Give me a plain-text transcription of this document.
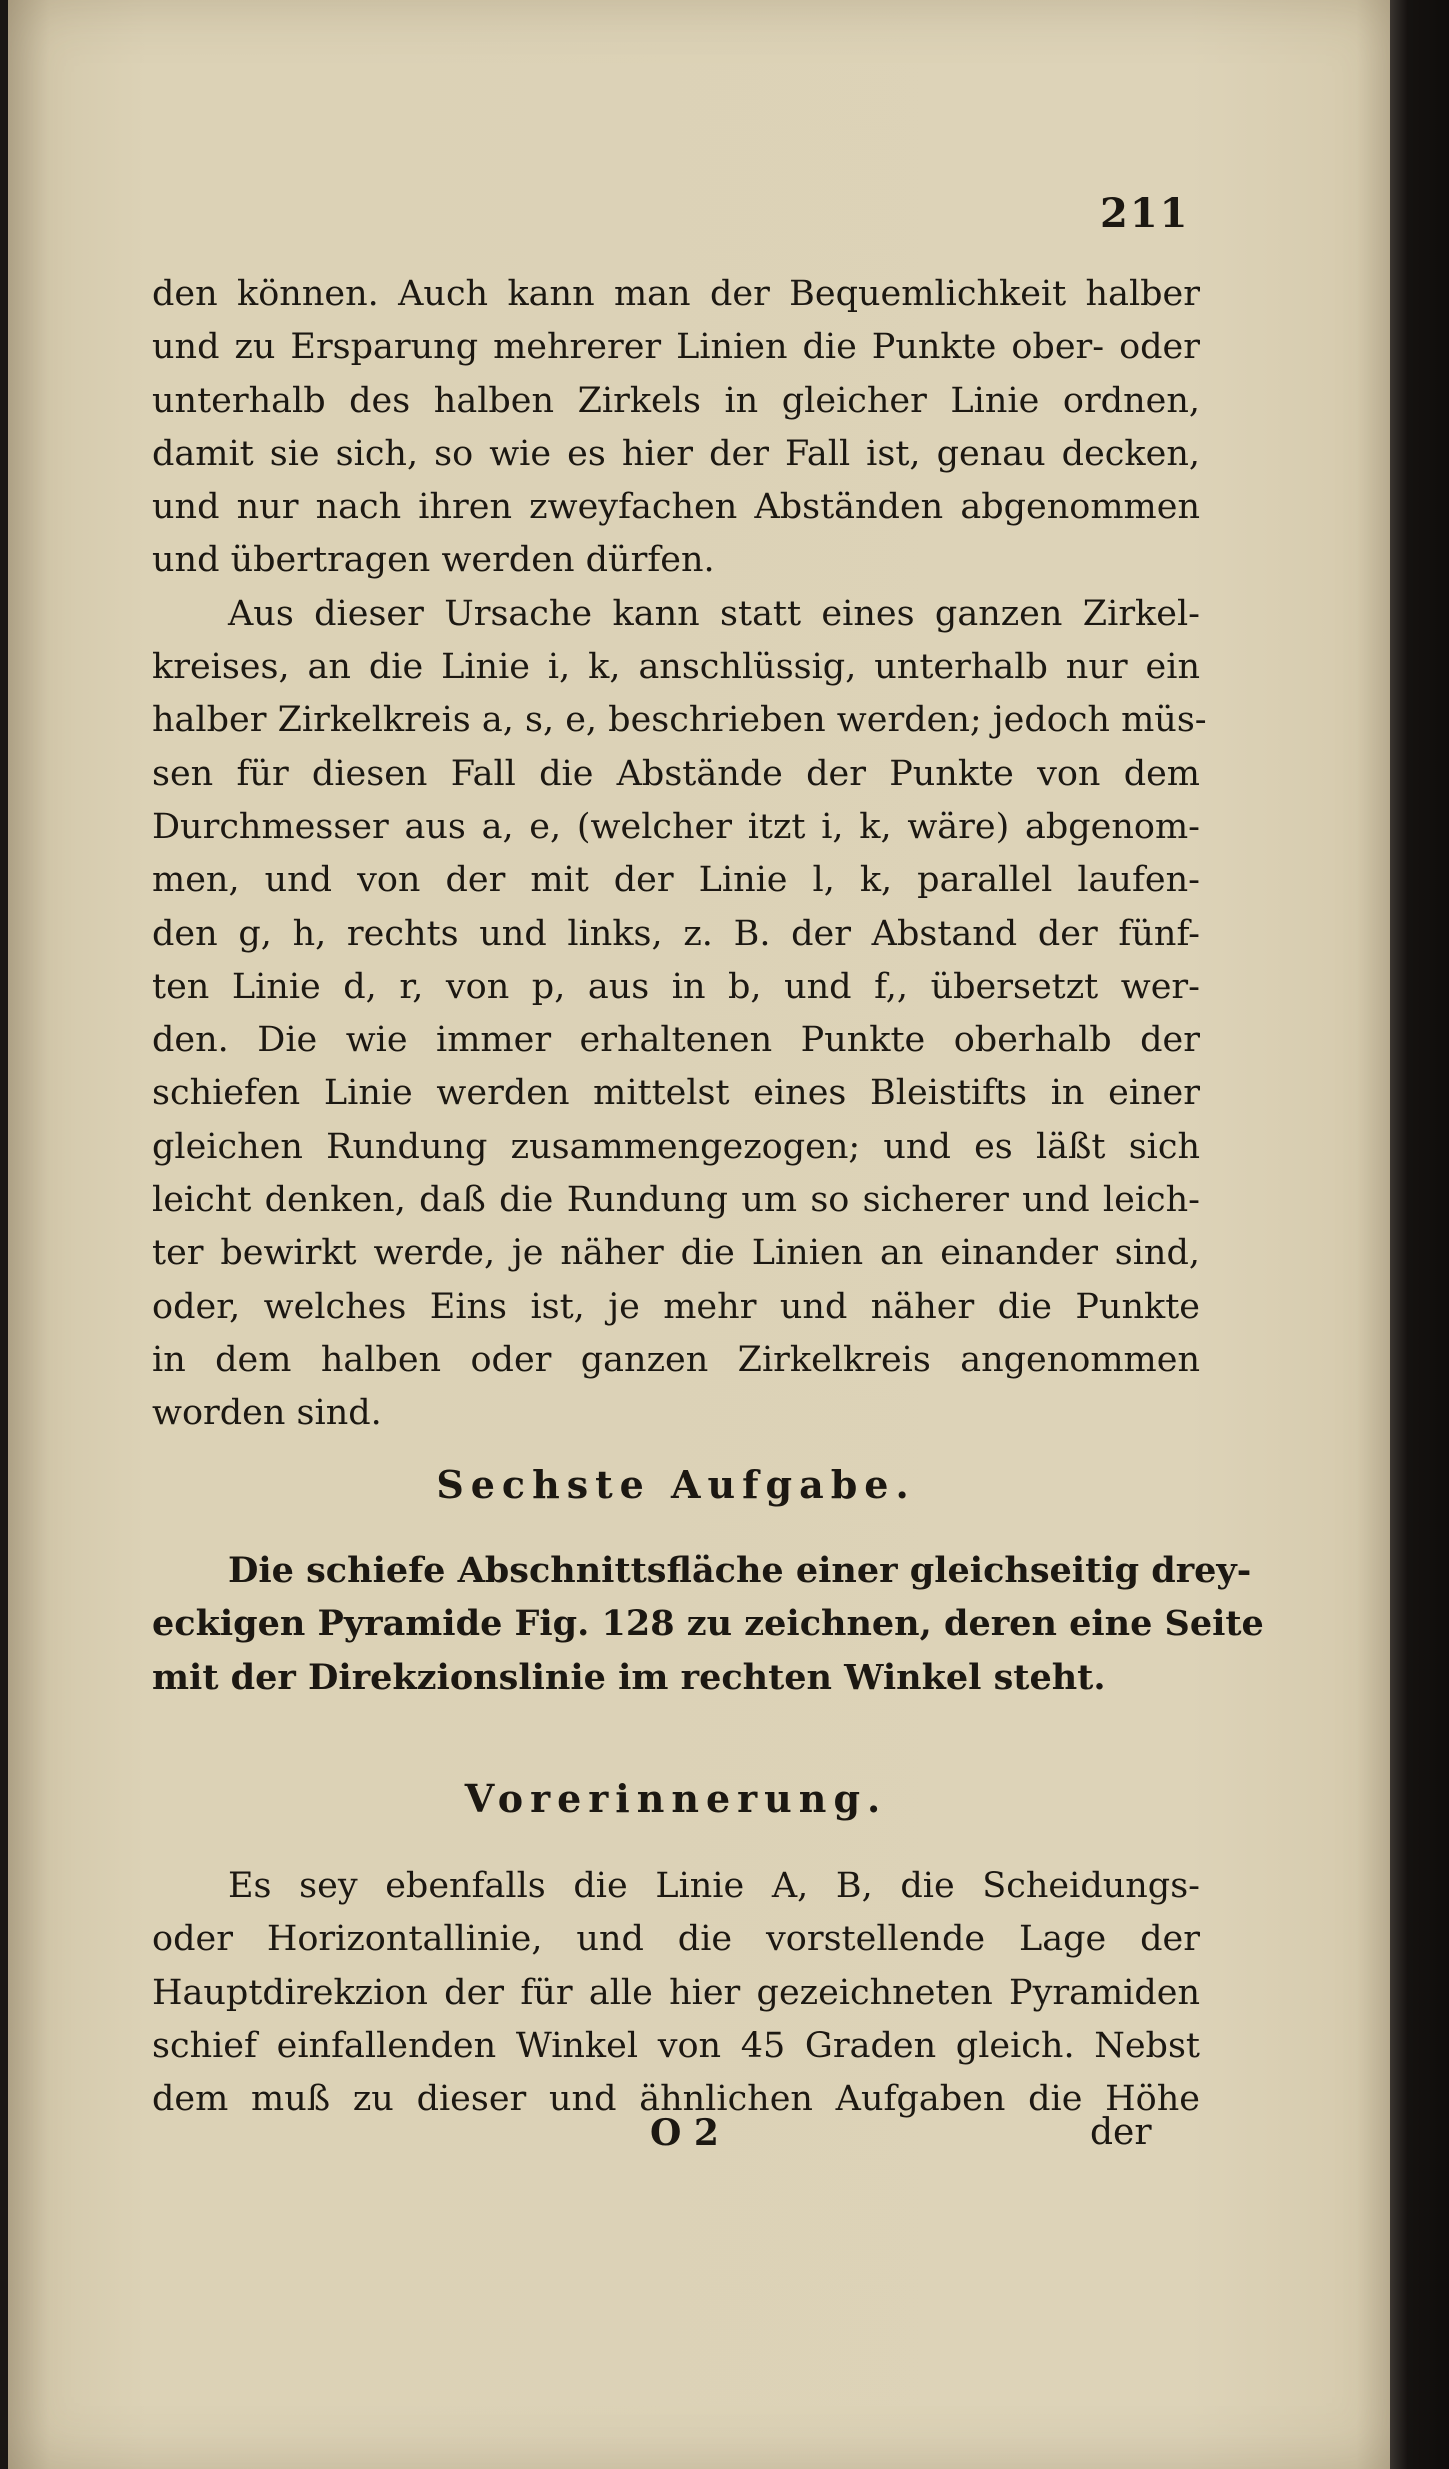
211
den können. Auch kann man der Bequemlichkeit halber
und zu Ersparung mehrerer Linien die Punkte ober- oder
unterhalb des halben Zirkels in gleicher Linie ordnen,
damit sie sich, so wie es hier der Fall ist, genau decken,
und nur nach ihren zweyfachen Abständen abgenommen
und übertragen werden dürfen.
Aus dieser Ursache kann statt eines ganzen Zirkel-
kreises, an die Linie i, k, anschlüssig, unterhalb nur ein
halber Zirkelkreis a, s, e, beschrieben werden; jedoch müs-
sen für diesen Fall die Abstände der Punkte von dem
Durchmesser aus a, e, (welcher itzt i, k, wäre) abgenom-
men, und von der mit der Linie l, k, parallel laufen-
den g, h, rechts und links, z. B. der Abstand der fünf-
ten Linie d, r, von p, aus in b, und f,, übersetzt wer-
den. Die wie immer erhaltenen Punkte oberhalb der
schiefen Linie werden mittelst eines Bleistifts in einer
gleichen Rundung zusammengezogen; und es läßt sich
leicht denken, daß die Rundung um so sicherer und leich-
ter bewirkt werde, je näher die Linien an einander sind,
oder, welches Eins ist, je mehr und näher die Punkte
in dem halben oder ganzen Zirkelkreis angenommen
worden sind.
Sechste Aufgabe.
Die schiefe Abschnittsfläche einer gleichseitig drey-
eckigen Pyramide Fig. 128 zu zeichnen, deren eine Seite
mit der Direkzionslinie im rechten Winkel steht.
Vorerinnerung.
Es sey ebenfalls die Linie A, B, die Scheidungs-
oder Horizontallinie, und die vorstellende Lage der
Hauptdirekzion der für alle hier gezeichneten Pyramiden
schief einfallenden Winkel von 45 Graden gleich. Nebst
dem muß zu dieser und ähnlichen Aufgaben die Höhe
O 2	der
